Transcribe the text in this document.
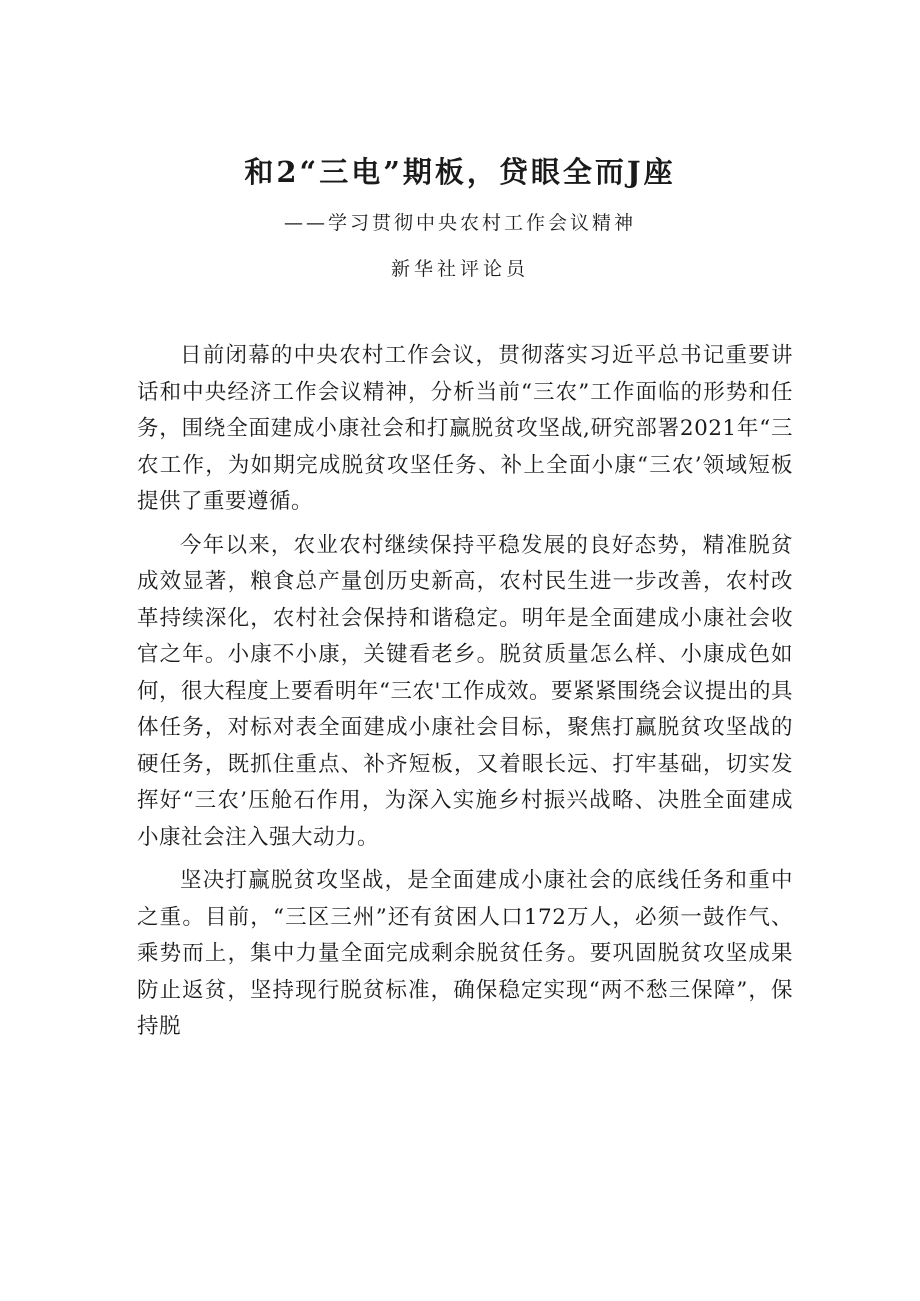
和2“三电”期板，贷眼全而J座
——学习贯彻中央农村工作会议精神
新华社评论员

日前闭幕的中央农村工作会议，贯彻落实习近平总书记重要讲话和中央经济工作会议精神，分析当前“三农”工作面临的形势和任务，围绕全面建成小康社会和打赢脱贫攻坚战,研究部署2021年“三农工作，为如期完成脱贫攻坚任务、补上全面小康“三农’领域短板提供了重要遵循。

今年以来，农业农村继续保持平稳发展的良好态势，精准脱贫成效显著，粮食总产量创历史新高，农村民生进一步改善，农村改革持续深化，农村社会保持和谐稳定。明年是全面建成小康社会收官之年。小康不小康，关键看老乡。脱贫质量怎么样、小康成色如何，很大程度上要看明年“三农'工作成效。要紧紧围绕会议提出的具体任务，对标对表全面建成小康社会目标，聚焦打赢脱贫攻坚战的硬任务，既抓住重点、补齐短板，又着眼长远、打牢基础，切实发挥好“三农’压舱石作用，为深入实施乡村振兴战略、决胜全面建成小康社会注入强大动力。

坚决打赢脱贫攻坚战，是全面建成小康社会的底线任务和重中之重。目前，“三区三州”还有贫困人口172万人，必须一鼓作气、乘势而上，集中力量全面完成剩余脱贫任务。要巩固脱贫攻坚成果防止返贫，坚持现行脱贫标准，确保稳定实现“两不愁三保障”，保持脱
